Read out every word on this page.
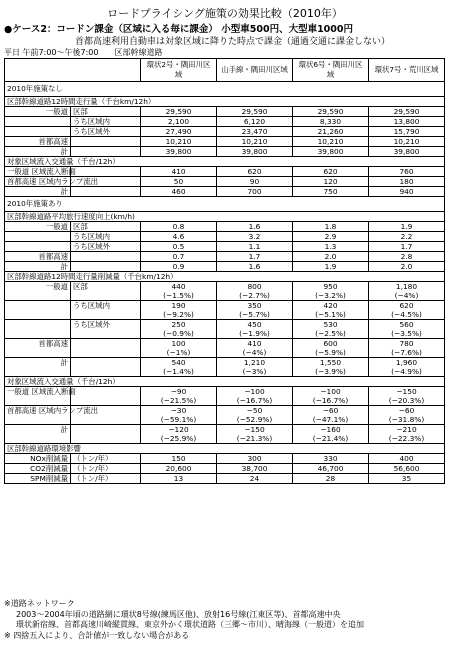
ロードプライシング施策の効果比較（2010年）
●ケース2：コードン課金（区域に入る毎に課金） 小型車500円、大型車1000円
首都高速利用自動車は対象区域に降りた時点で課金（通過交通に課金しない）
平日 午前7:00～午後7:00　　区部幹線道路
		環状2号・隅田川区域	山手線・隅田川区域	環状6号・隅田川区域	環状7号・荒川区域
2010年施策なし					
区部幹線道路12時間走行量（千台km/12h）					
一般道	区部	29,590	29,590	29,590	29,590
	うち区域内	2,100	6,120	8,330	13,800
	うち区域外	27,490	23,470	21,260	15,790
首都高速		10,210	10,210	10,210	10,210
計		39,800	39,800	39,800	39,800
対象区域流入交通量（千台/12h）					
一般道 区域流入断面		410	620	620	760
首都高速 区域内ランプ流出		50	90	120	180
計		460	700	750	940
2010年施策あり					
区部幹線道路平均旅行速度向上(km/h)					
一般道	区部	0.8	1.6	1.8	1.9
	うち区域内	4.6	3.2	2.9	2.2
	うち区域外	0.5	1.1	1.3	1.7
首都高速		0.7	1.7	2.0	2.8
計		0.9	1.6	1.9	2.0
区部幹線道路12時間走行量削減量（千台km/12h）					
一般道	区部	440	800	950	1,180
		(−1.5%)	(−2.7%)	(−3.2%)	(−4%)
	うち区域内	190	350	420	620
		(−9.2%)	(−5.7%)	(−5.1%)	(−4.5%)
	うち区域外	250	450	530	560
		(−0.9%)	(−1.9%)	(−2.5%)	(−3.5%)
首都高速		100	410	600	780
		(−1%)	(−4%)	(−5.9%)	(−7.6%)
計		540	1,210	1,550	1,960
		(−1.4%)	(−3%)	(−3.9%)	(−4.9%)
対象区域流入交通量（千台/12h）					
一般道 区域流入断面		−90	−100	−100	−150
		(−21.5%)	(−16.7%)	(−16.7%)	(−20.3%)
首都高速 区域内ランプ流出		−30	−50	−60	−60
		(−59.1%)	(−52.9%)	(−47.1%)	(−31.8%)
計		−120	−150	−160	−210
		(−25.9%)	(−21.3%)	(−21.4%)	(−22.3%)
区部幹線道路環境影響					
NOx削減量	（トン/年）	150	300	330	400
CO2削減量	（トン/年）	20,600	38,700	46,700	56,600
SPM削減量	（トン/年）	13	24	28	35
※道路ネットワーク
2003～2004年頃の道路網に環状8号線(練馬区他)、放射16号線(江東区等)、首都高速中央
環状新宿線、首都高速川崎縦貫線、東京外かく環状道路（三郷～市川）、晴海線（一般道）を追加
※ 四捨五入により、合計値が一致しない場合がある
